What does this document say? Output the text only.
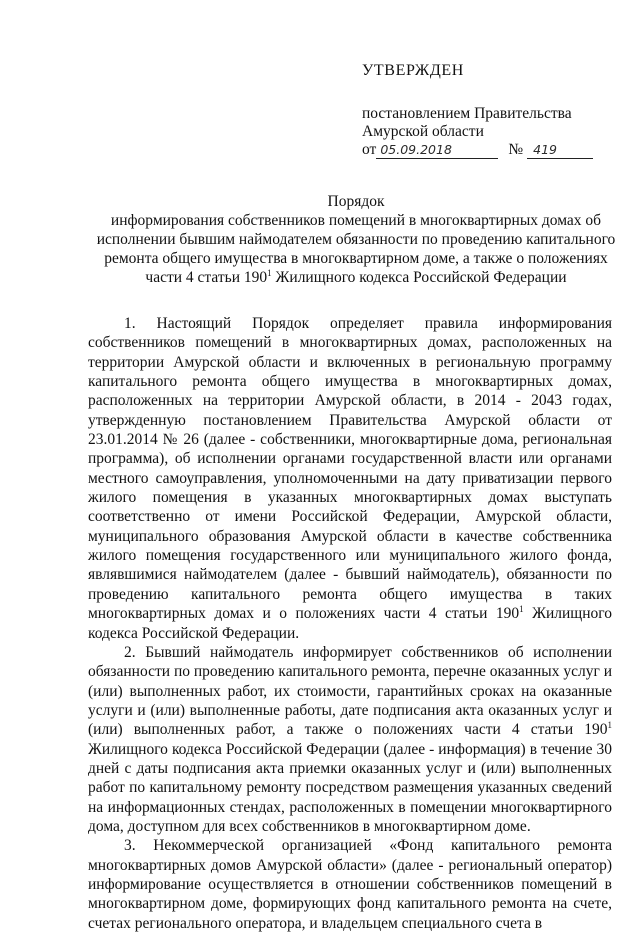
УТВЕРЖДЕН
постановлением Правительства
Амурской области
от 05.09.2018	№ 419
Порядок
информирования собственников помещений в многоквартирных домах об исполнении бывшим наймодателем обязанности по проведению капитального ремонта общего имущества в многоквартирном доме, а также о положениях части 4 статьи $190^1$ Жилищного кодекса Российской Федерации

1. Настоящий Порядок определяет правила информирования собственников помещений в многоквартирных домах, расположенных на территории Амурской области и включенных в региональную программу капитального ремонта общего имущества в многоквартирных домах, расположенных на территории Амурской области, в 2014 - 2043 годах, утвержденную постановлением Правительства Амурской области от 23.01.2014 № 26 (далее - собственники, многоквартирные дома, региональная программа), об исполнении органами государственной власти или органами местного самоуправления, уполномоченными на дату приватизации первого жилого помещения в указанных многоквартирных домах выступать соответственно от имени Российской Федерации, Амурской области, муниципального образования Амурской области в качестве собственника жилого помещения государственного или муниципального жилого фонда, являвшимися наймодателем (далее - бывший наймодатель), обязанности по проведению капитального ремонта общего имущества в таких многоквартирных домах и о положениях части 4 статьи $190^1$ Жилищного кодекса Российской Федерации.

2. Бывший наймодатель информирует собственников об исполнении обязанности по проведению капитального ремонта, перечне оказанных услуг и (или) выполненных работ, их стоимости, гарантийных сроках на оказанные услуги и (или) выполненные работы, дате подписания акта оказанных услуг и (или) выполненных работ, а также о положениях части 4 статьи $190^1$ Жилищного кодекса Российской Федерации (далее - информация) в течение 30 дней с даты подписания акта приемки оказанных услуг и (или) выполненных работ по капитальному ремонту посредством размещения указанных сведений на информационных стендах, расположенных в помещении многоквартирного дома, доступном для всех собственников в многоквартирном доме.

3. Некоммерческой организацией «Фонд капитального ремонта многоквартирных домов Амурской области» (далее - региональный оператор) информирование осуществляется в отношении собственников помещений в многоквартирном доме, формирующих фонд капитального ремонта на счете, счетах регионального оператора, и владельцем специального счета в
